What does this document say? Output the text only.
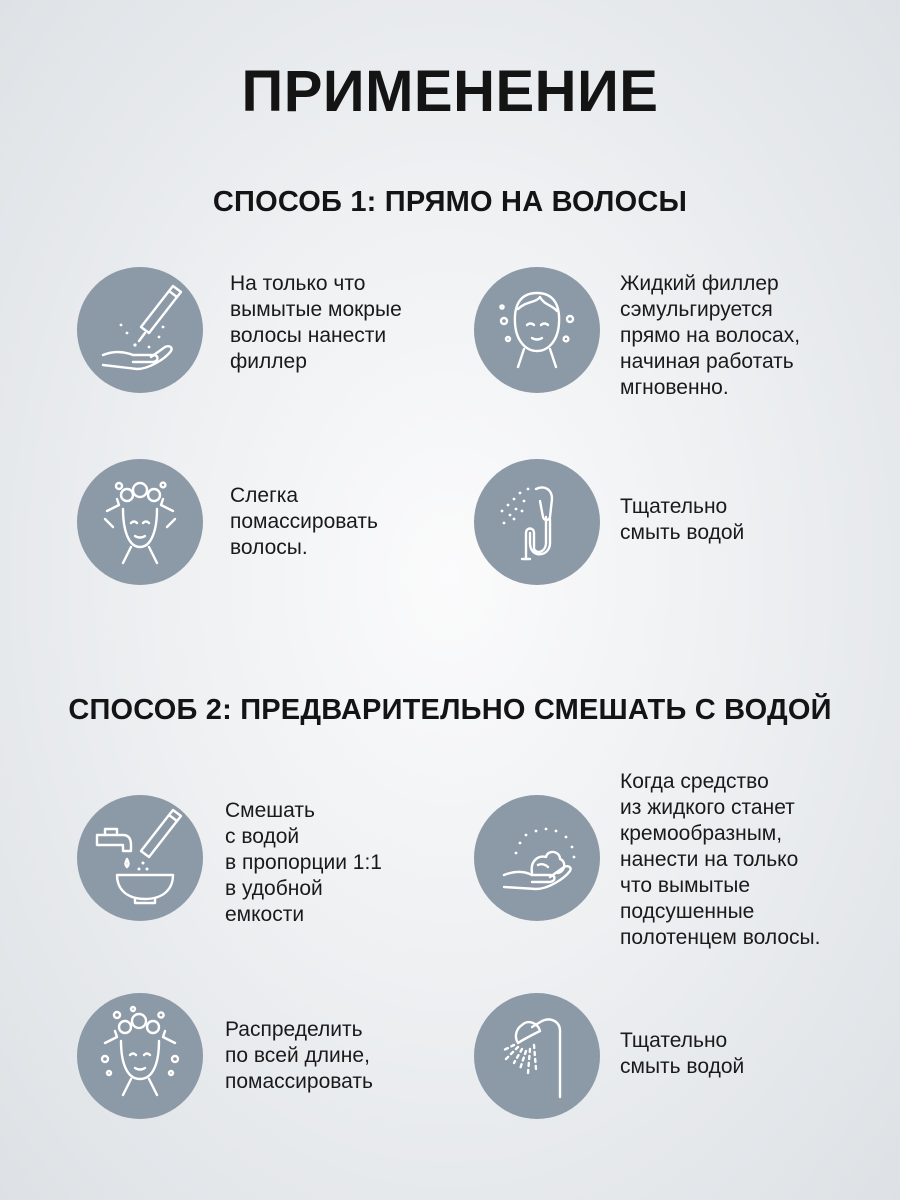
ПРИМЕНЕНИЕ
СПОСОБ 1: ПРЯМО НА ВОЛОСЫ

На только что
вымытые мокрые
волосы нанести
филлер

Жидкий филлер
сэмульгируется
прямо на волосах,
начиная работать
мгновенно.

Слегка
помассировать
волосы.

Тщательно
смыть водой

СПОСОБ 2: ПРЕДВАРИТЕЛЬНО СМЕШАТЬ С ВОДОЙ

Смешать
с водой
в пропорции 1:1
в удобной
емкости

Когда средство
из жидкого станет
кремообразным,
нанести на только
что вымытые
подсушенные
полотенцем волосы.

Распределить
по всей длине,
помассировать

Тщательно
смыть водой
